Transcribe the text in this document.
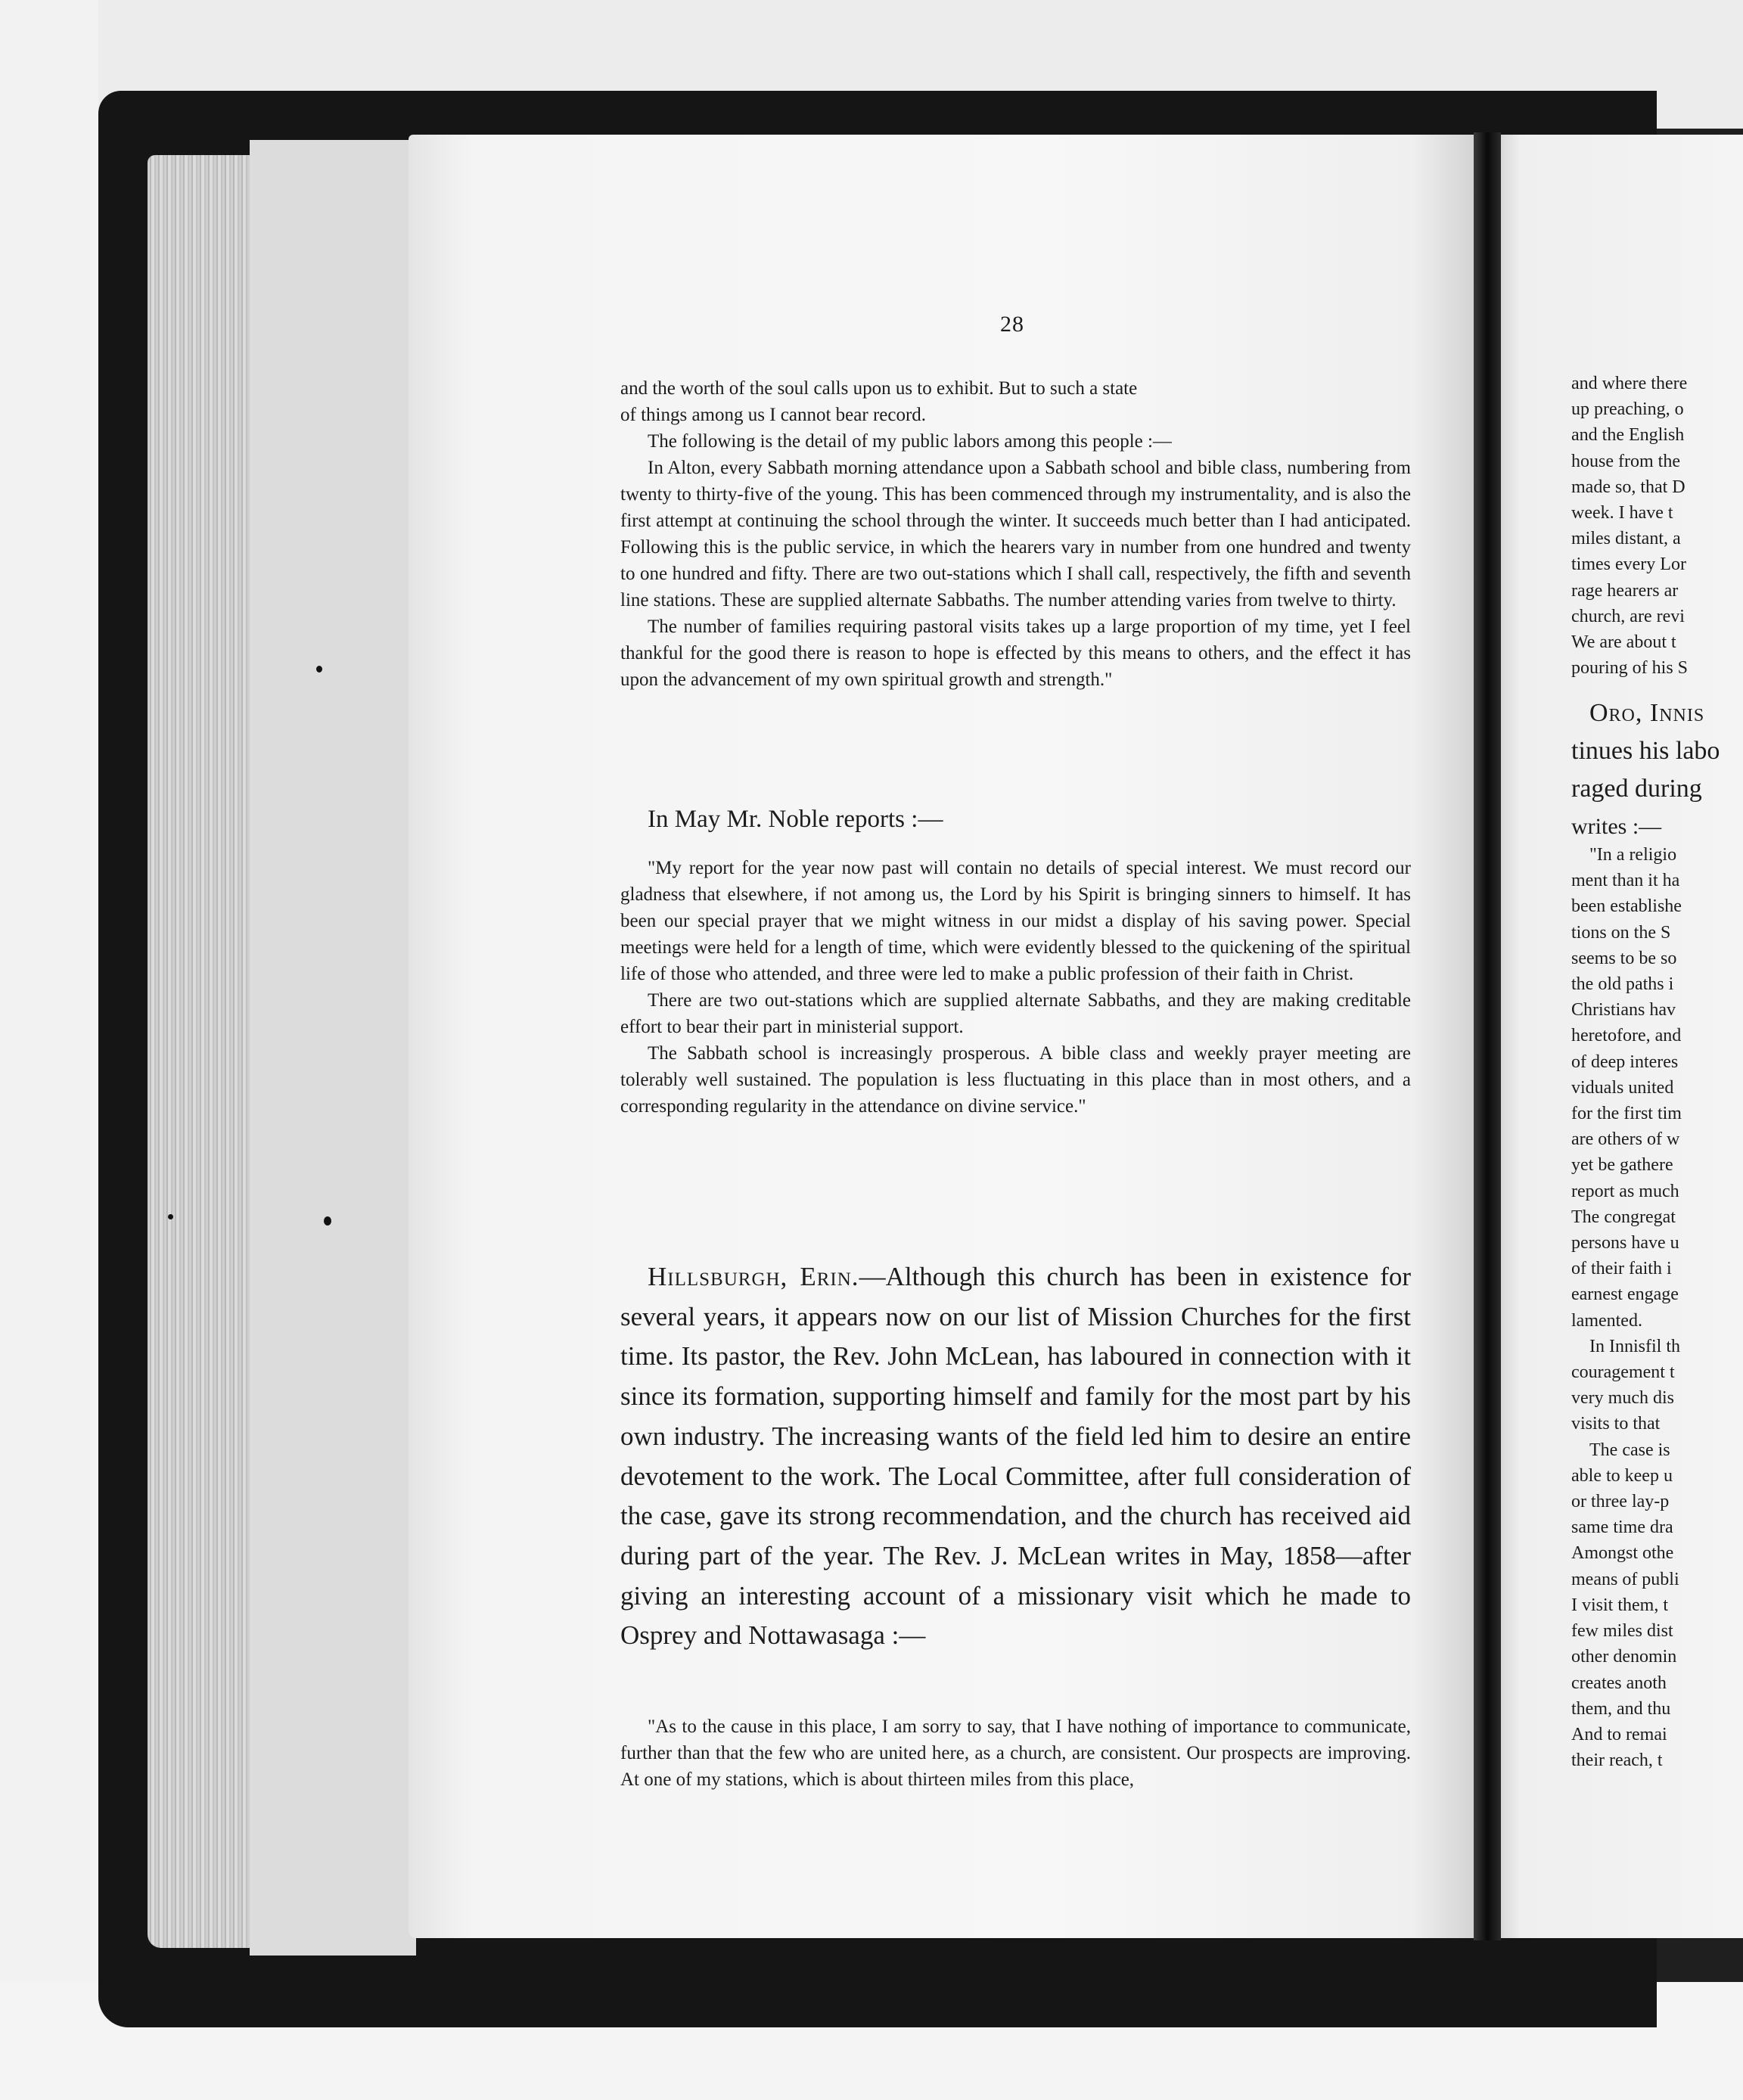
28

and the worth of the soul calls upon us to exhibit. But to such a state

of things among us I cannot bear record.

The following is the detail of my public labors among this people :—

In Alton, every Sabbath morning attendance upon a Sabbath school and bible class, numbering from twenty to thirty-five of the young. This has been commenced through my instrumentality, and is also the first attempt at continuing the school through the winter. It succeeds much better than I had anticipated. Following this is the public service, in which the hearers vary in number from one hundred and twenty to one hundred and fifty. There are two out-stations which I shall call, respectively, the fifth and seventh line stations. These are supplied alternate Sabbaths. The number attending varies from twelve to thirty.

The number of families requiring pastoral visits takes up a large proportion of my time, yet I feel thankful for the good there is reason to hope is effected by this means to others, and the effect it has upon the advancement of my own spiritual growth and strength."

In May Mr. Noble reports :—

"My report for the year now past will contain no details of special interest. We must record our gladness that elsewhere, if not among us, the Lord by his Spirit is bringing sinners to himself. It has been our special prayer that we might witness in our midst a display of his saving power. Special meetings were held for a length of time, which were evidently blessed to the quickening of the spiritual life of those who attended, and three were led to make a public profession of their faith in Christ.

There are two out-stations which are supplied alternate Sabbaths, and they are making creditable effort to bear their part in ministerial support.

The Sabbath school is increasingly prosperous. A bible class and weekly prayer meeting are tolerably well sustained. The population is less fluctuating in this place than in most others, and a corresponding regularity in the attendance on divine service."

Hillsburgh, Erin.—Although this church has been in existence for several years, it appears now on our list of Mission Churches for the first time. Its pastor, the Rev. John McLean, has laboured in connection with it since its formation, supporting himself and family for the most part by his own industry. The increasing wants of the field led him to desire an entire devotement to the work. The Local Committee, after full consideration of the case, gave its strong recommendation, and the church has received aid during part of the year. The Rev. J. McLean writes in May, 1858—after giving an interesting account of a missionary visit which he made to Osprey and Nottawasaga :—

"As to the cause in this place, I am sorry to say, that I have nothing of importance to communicate, further than that the few who are united here, as a church, are consistent. Our prospects are improving. At one of my stations, which is about thirteen miles from this place,

and where there
up preaching, o
and the English
house from the
made so, that D
week. I have t
miles distant, a
times every Lor
rage hearers ar
church, are revi
We are about t
pouring of his S
Oro, Innis
tinues his labo
raged during
writes :—
"In a religio
ment than it ha
been establishe
tions on the S
seems to be so
the old paths i
Christians hav
heretofore, and
of deep interes
viduals united
for the first tim
are others of w
yet be gathere
report as much
The congregat
persons have u
of their faith i
earnest engage
lamented.
In Innisfil th
couragement t
very much dis
visits to that
The case is
able to keep u
or three lay-p
same time dra
Amongst othe
means of publi
I visit them, t
few miles dist
other denomin
creates anoth
them, and thu
And to remai
their reach, t
